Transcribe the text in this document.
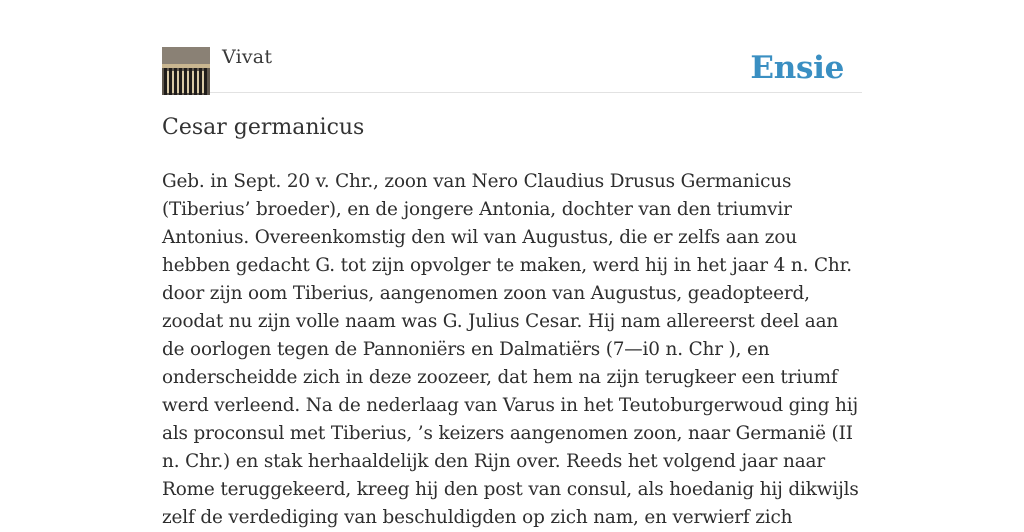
Vivat	Ensie
Cesar germanicus

Geb. in Sept. 20 v. Chr., zoon van Nero Claudius Drusus Germanicus (Tiberius’ broeder), en de jongere Antonia, dochter van den triumvir Antonius. Overeenkomstig den wil van Augustus, die er zelfs aan zou hebben gedacht G. tot zijn opvolger te maken, werd hij in het jaar 4 n. Chr. door zijn oom Tiberius, aangenomen zoon van Augustus, geadopteerd, zoodat nu zijn volle naam was G. Julius Cesar. Hij nam allereerst deel aan de oorlogen tegen de Pannoniërs en Dalmatiërs (7—i0 n. Chr ), en onderscheidde zich in deze zoozeer, dat hem na zijn terugkeer een triumf werd verleend. Na de nederlaag van Varus in het Teutoburgerwoud ging hij als proconsul met Tiberius, ’s keizers aangenomen zoon, naar Germanië (II n. Chr.) en stak herhaaldelijk den Rijn over. Reeds het volgend jaar naar Rome teruggekeerd, kreeg hij den post van consul, als hoedanig hij dikwijls zelf de verdediging van beschuldigden op zich nam, en verwierf zich
